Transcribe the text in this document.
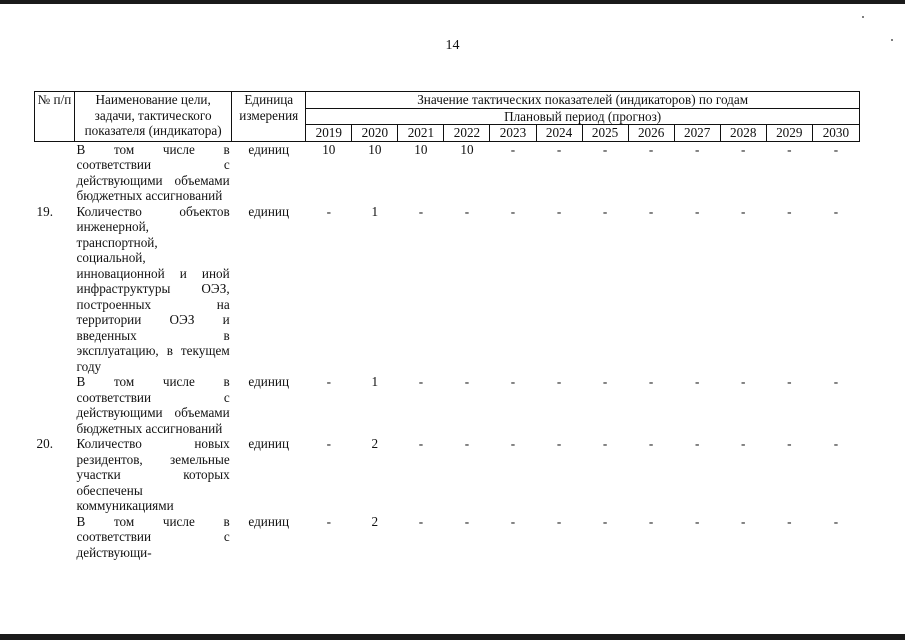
14
№ п/п	Наименование цели, задачи, тактического показателя (индикатора)	Единица измерения	Значение тактических показателей (индикаторов) по годам											
			Плановый период (прогноз)											
			2019	2020	2021	2022	2023	2024	2025	2026	2027	2028	2029	2030
	В том числе в соответствии с действующими объемами бюджетных ассигнований	единиц	10	10	10	10	-	-	-	-	-	-	-	-
19.	Количество объектов инженерной, транспортной, социальной, инновационной и иной инфраструктуры ОЭЗ, построенных на территории ОЭЗ и введенных в эксплуатацию, в текущем году	единиц	-	1	-	-	-	-	-	-	-	-	-	-
	В том числе в соответствии с действующими объемами бюджетных ассигнований	единиц	-	1	-	-	-	-	-	-	-	-	-	-
20.	Количество новых резидентов, земельные участки которых обеспечены коммуникациями	единиц	-	2	-	-	-	-	-	-	-	-	-	-
	В том числе в соответствии с действующи-	единиц	-	2	-	-	-	-	-	-	-	-	-	-
